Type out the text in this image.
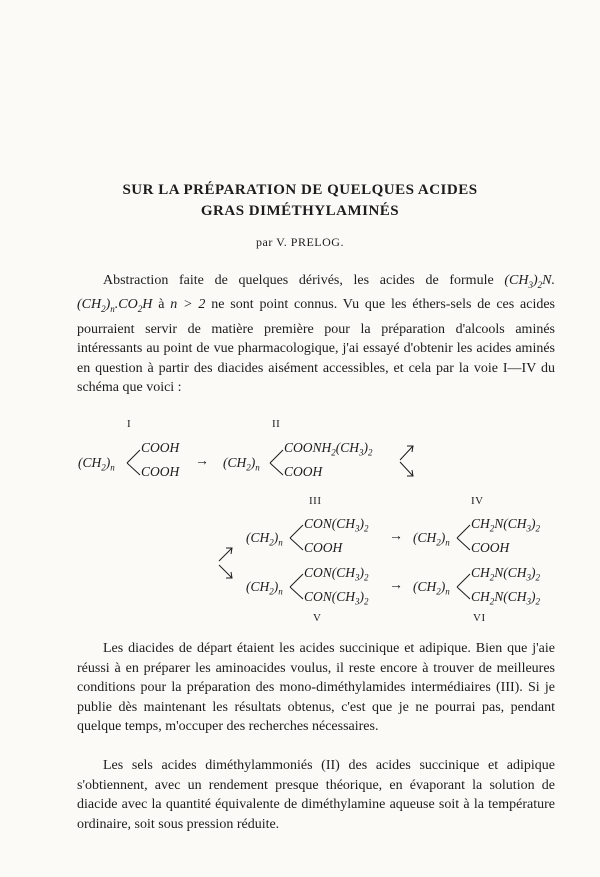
SUR LA PRÉPARATION DE QUELQUES ACIDES
GRAS DIMÉTHYLAMINÉS
par V. PRELOG.

Abstraction faite de quelques dérivés, les acides de formule $(CH_3)_2N.(CH_2)_n.CO_2H$ à n > 2 ne sont point connus. Vu que les éthers-sels de ces acides pourraient servir de matière première pour la préparation d'alcools aminés intéressants au point de vue pharmacologique, j'ai essayé d'obtenir les acides aminés en question à partir des diacides aisément accessibles, et cela par la voie I—IV du schéma que voici :

I	II
$(CH_2)_n$
COOH
COOH
→ $(CH_2)_n$
$COONH_2(CH_3)_2$
COOH
III	IV
$(CH_2)_n$
$CON(CH_3)_2$
COOH
→ $(CH_2)_n$
$CH_2N(CH_3)_2$
COOH
$(CH_2)_n$
$CON(CH_3)_2$
$CON(CH_3)_2$
→ $(CH_2)_n$
$CH_2N(CH_3)_2$
$CH_2N(CH_3)_2$
V	VI

Les diacides de départ étaient les acides succinique et adipique. Bien que j'aie réussi à en préparer les aminoacides voulus, il reste encore à trouver de meilleures conditions pour la préparation des mono-diméthylamides intermédiaires (III). Si je publie dès maintenant les résultats obtenus, c'est que je ne pourrai pas, pendant quelque temps, m'occuper des recherches nécessaires.

Les sels acides diméthylammoniés (II) des acides succinique et adipique s'obtiennent, avec un rendement presque théorique, en évaporant la solution de diacide avec la quantité équivalente de diméthylamine aqueuse soit à la température ordinaire, soit sous pression réduite.
